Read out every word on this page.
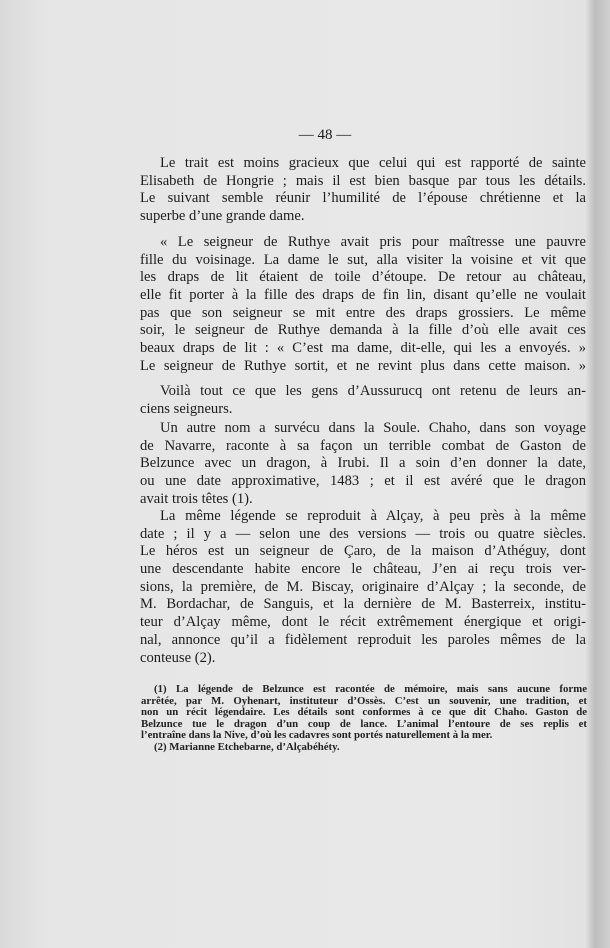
— 48 —
Le trait est moins gracieux que celui qui est rapporté de sainte
Elisabeth de Hongrie ; mais il est bien basque par tous les détails.
Le suivant semble réunir l’humilité de l’épouse chrétienne et la
superbe d’une grande dame.
« Le seigneur de Ruthye avait pris pour maîtresse une pauvre
fille du voisinage. La dame le sut, alla visiter la voisine et vit que
les draps de lit étaient de toile d’étoupe. De retour au château,
elle fit porter à la fille des draps de fin lin, disant qu’elle ne voulait
pas que son seigneur se mit entre des draps grossiers. Le même
soir, le seigneur de Ruthye demanda à la fille d’où elle avait ces
beaux draps de lit : « C’est ma dame, dit-elle, qui les a envoyés. »
Le seigneur de Ruthye sortit, et ne revint plus dans cette maison. »
Voilà tout ce que les gens d’Aussurucq ont retenu de leurs an-
ciens seigneurs.
Un autre nom a survécu dans la Soule. Chaho, dans son voyage
de Navarre, raconte à sa façon un terrible combat de Gaston de
Belzunce avec un dragon, à Irubi. Il a soin d’en donner la date,
ou une date approximative, 1483 ; et il est avéré que le dragon
avait trois têtes (1).
La même légende se reproduit à Alçay, à peu près à la même
date ; il y a — selon une des versions — trois ou quatre siècles.
Le héros est un seigneur de Çaro, de la maison d’Athéguy, dont
une descendante habite encore le château, J’en ai reçu trois ver-
sions, la première, de M. Biscay, originaire d’Alçay ; la seconde, de
M. Bordachar, de Sanguis, et la dernière de M. Basterreix, institu-
teur d’Alçay même, dont le récit extrêmement énergique et origi-
nal, annonce qu’il a fidèlement reproduit les paroles mêmes de la
conteuse (2).
(1) La légende de Belzunce est racontée de mémoire, mais sans aucune forme
arrêtée, par M. Oyhenart, instituteur d’Ossès. C’est un souvenir, une tradition, et
non un récit légendaire. Les détails sont conformes à ce que dit Chaho. Gaston de
Belzunce tue le dragon d’un coup de lance. L’animal l’entoure de ses replis et
l’entraîne dans la Nive, d’où les cadavres sont portés naturellement à la mer.
(2) Marianne Etchebarne, d’Alçabéhéty.
